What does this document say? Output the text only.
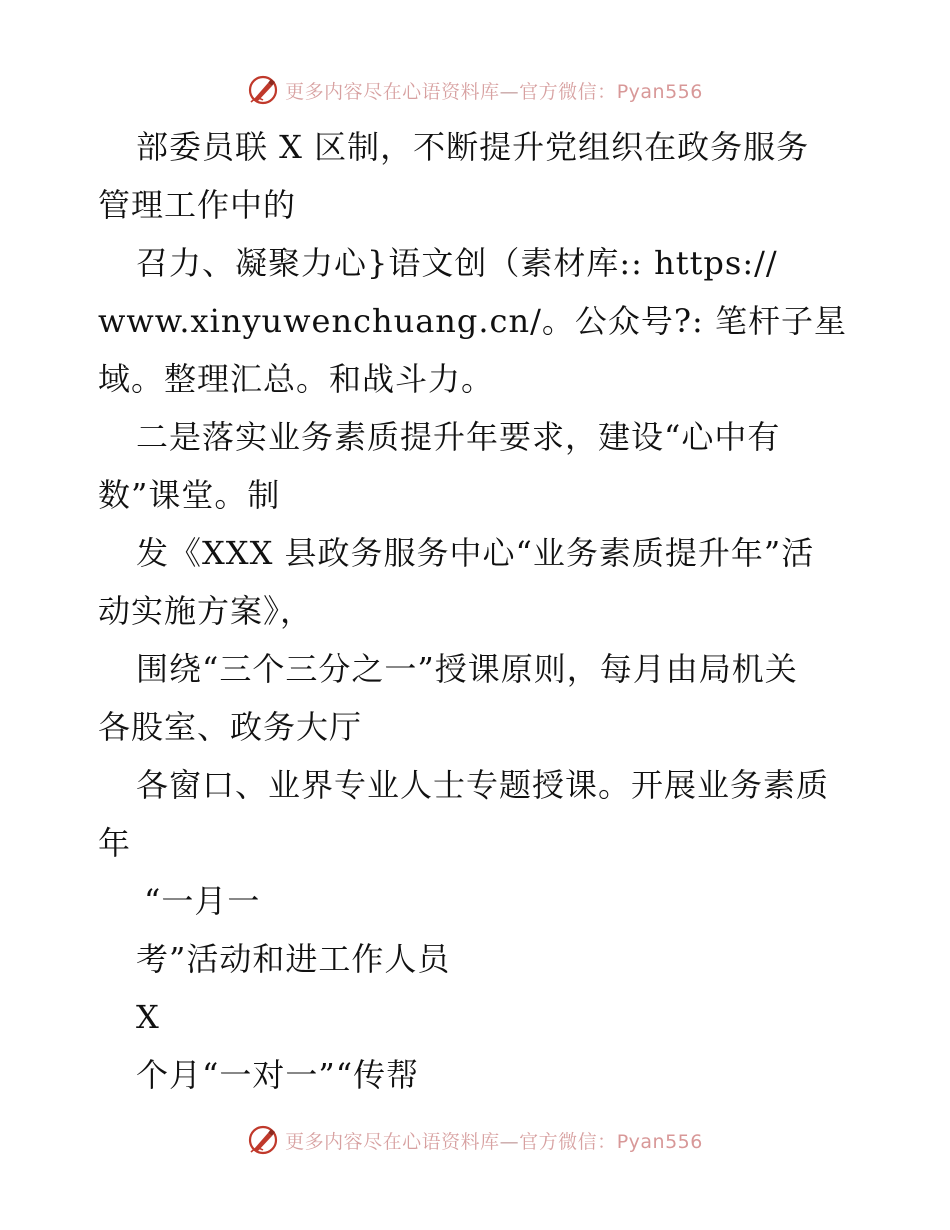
更多内容尽在心语资料库—官方微信：Pyan556
部委员联 X 区制，不断提升党组织在政务服务
管理工作中的
召力、凝聚力心}语文创（素材库:: https://
www.xinyuwenchuang.cn/。公众号?: 笔杆子星
域。整理汇总。和战斗力。
二是落实业务素质提升年要求，建设“心中有
数”课堂。制
发《XXX 县政务服务中心“业务素质提升年”活
动实施方案》，
围绕“三个三分之一”授课原则，每月由局机关
各股室、政务大厅
各窗口、业界专业人士专题授课。开展业务素质
年
“一月一
考”活动和进工作人员
X
个月“一对一”“传帮
更多内容尽在心语资料库—官方微信：Pyan556
